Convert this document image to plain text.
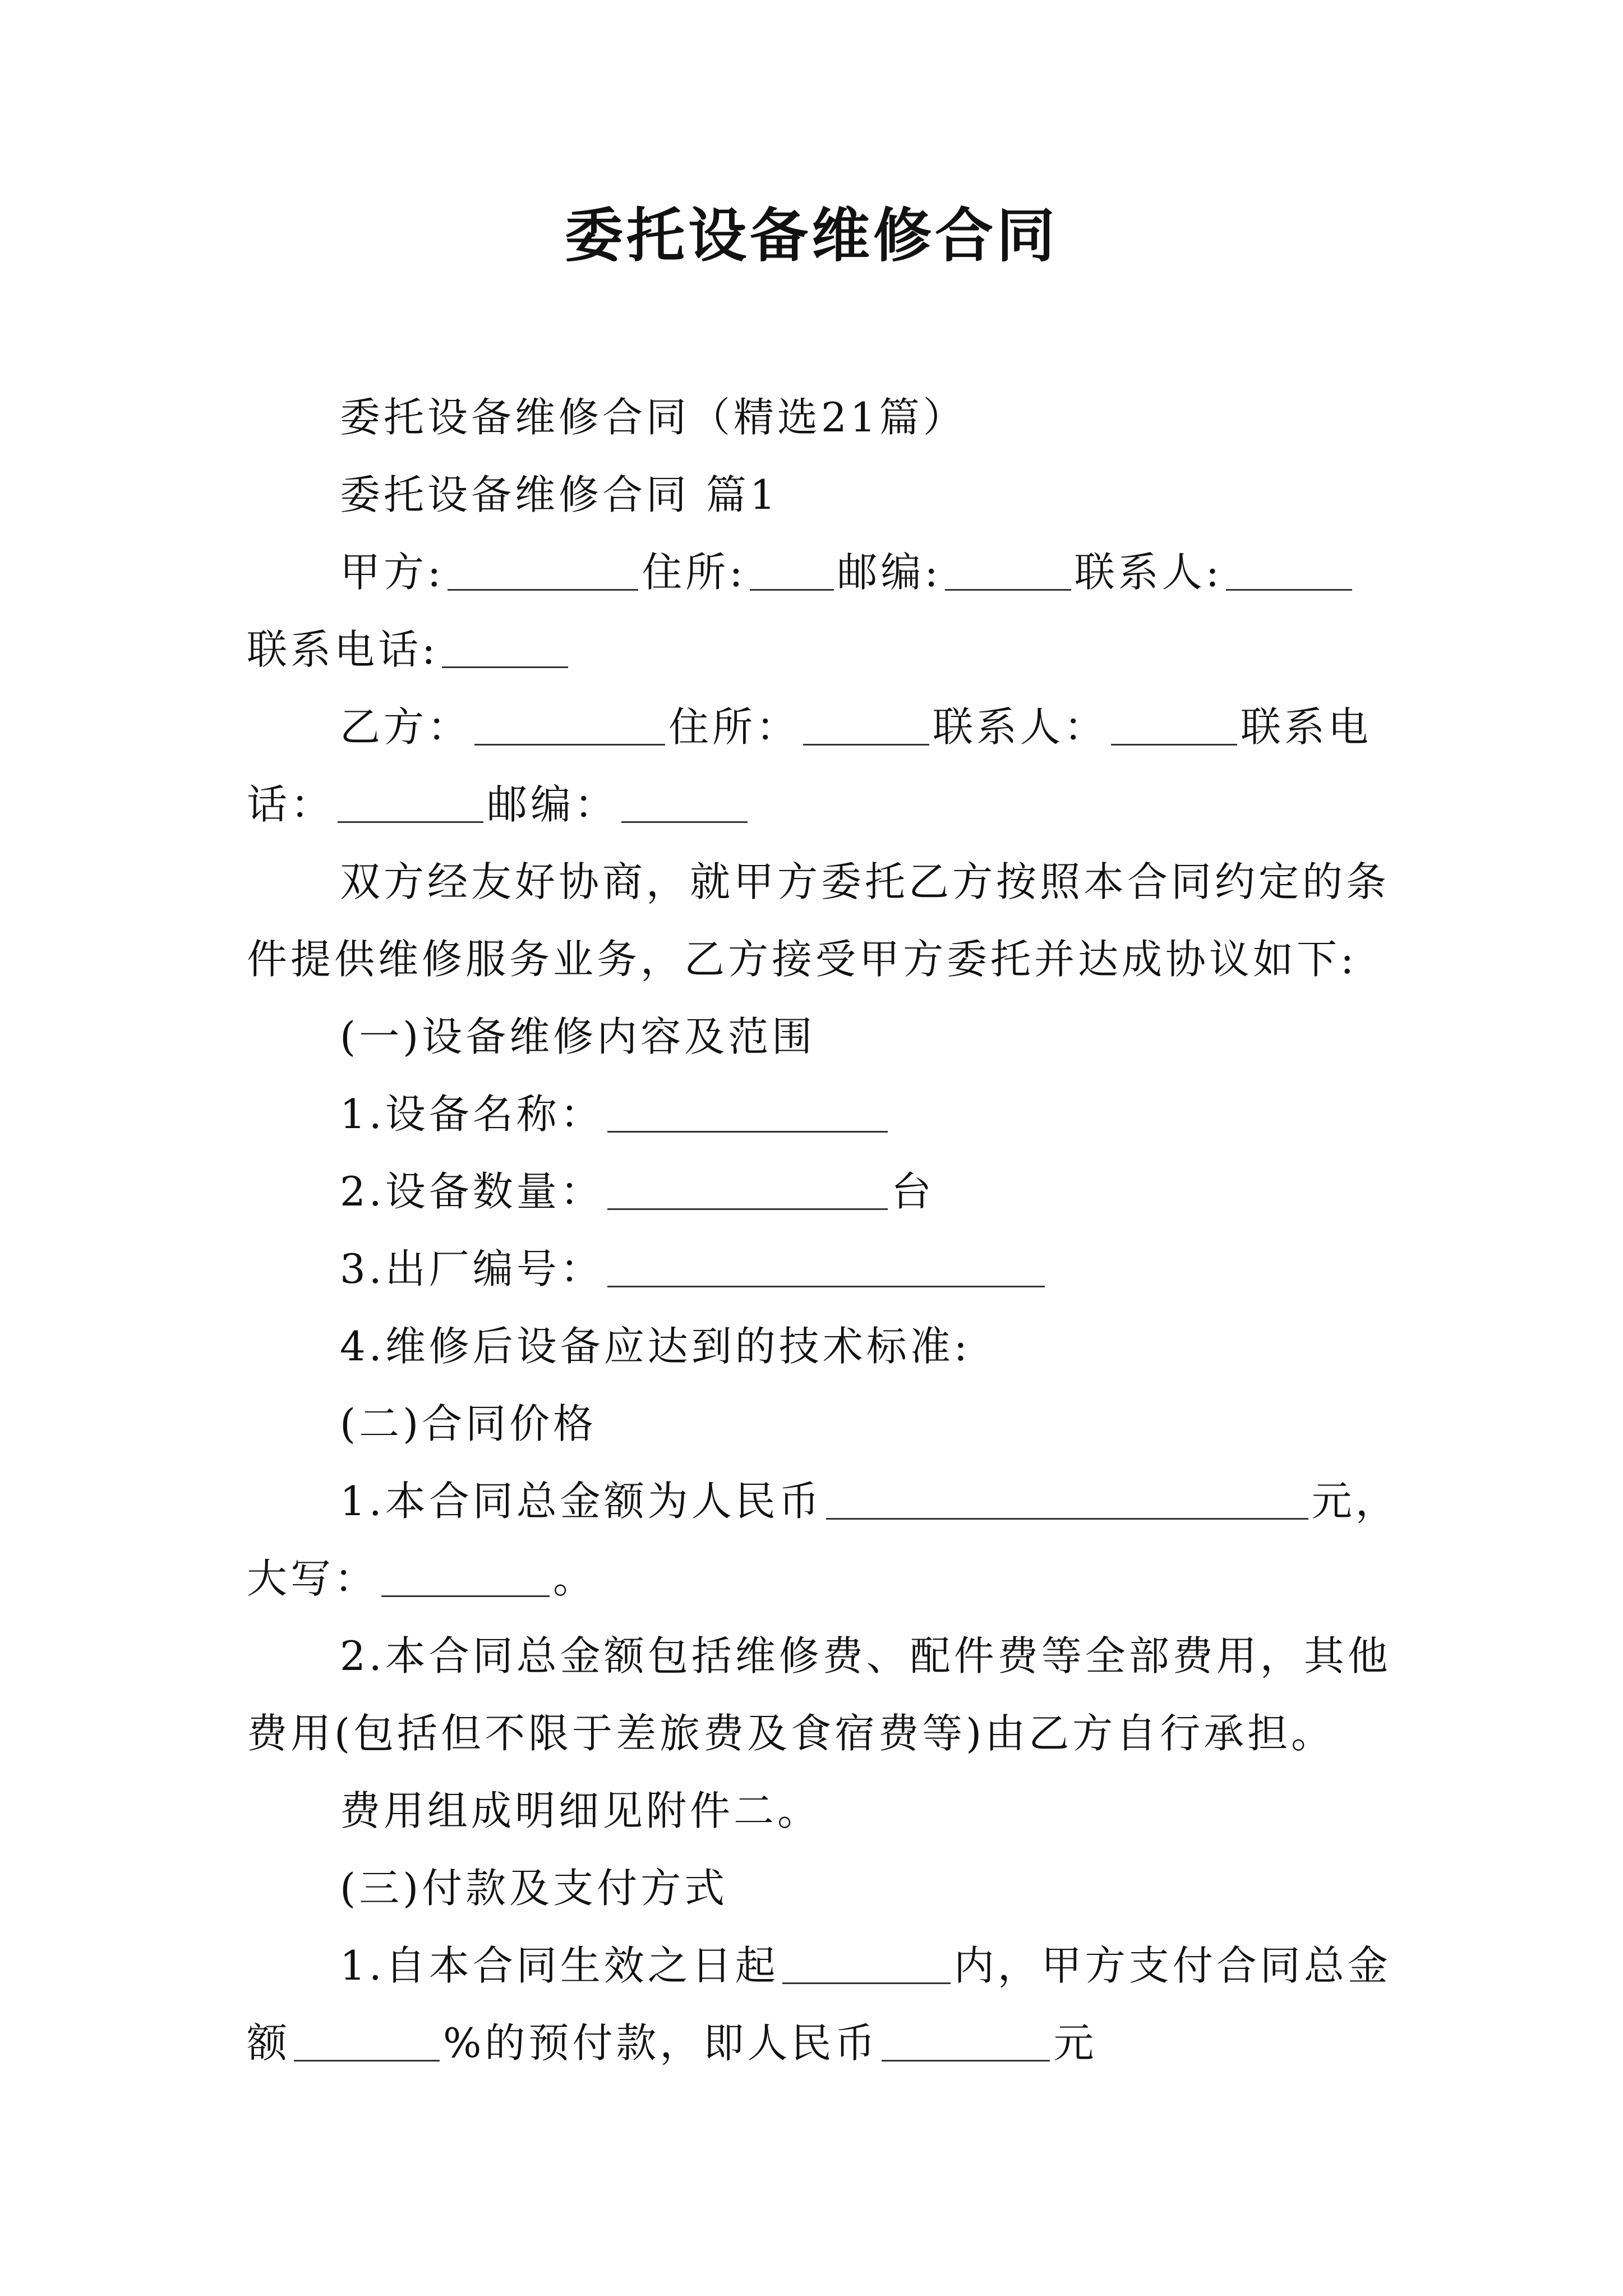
委托设备维修合同

委托设备维修合同（精选21篇）

委托设备维修合同 篇1

甲方:	住所: 邮编:	联系人:

联系电话:

乙方：	住所：	联系人：	联系电

话：	邮编：

双方经友好协商，就甲方委托乙方按照本合同约定的条

件提供维修服务业务，乙方接受甲方委托并达成协议如下:

(一)设备维修内容及范围

1.设备名称：

2.设备数量：	台

3.出厂编号：

4.维修后设备应达到的技术标准:

(二)合同价格

1.本合同总金额为人民币	元，

大写：	。

2.本合同总金额包括维修费、配件费等全部费用，其他

费用(包括但不限于差旅费及食宿费等)由乙方自行承担。

费用组成明细见附件二。

(三)付款及支付方式

1.自本合同生效之日起	内，甲方支付合同总金

额	%的预付款，即人民币	元
